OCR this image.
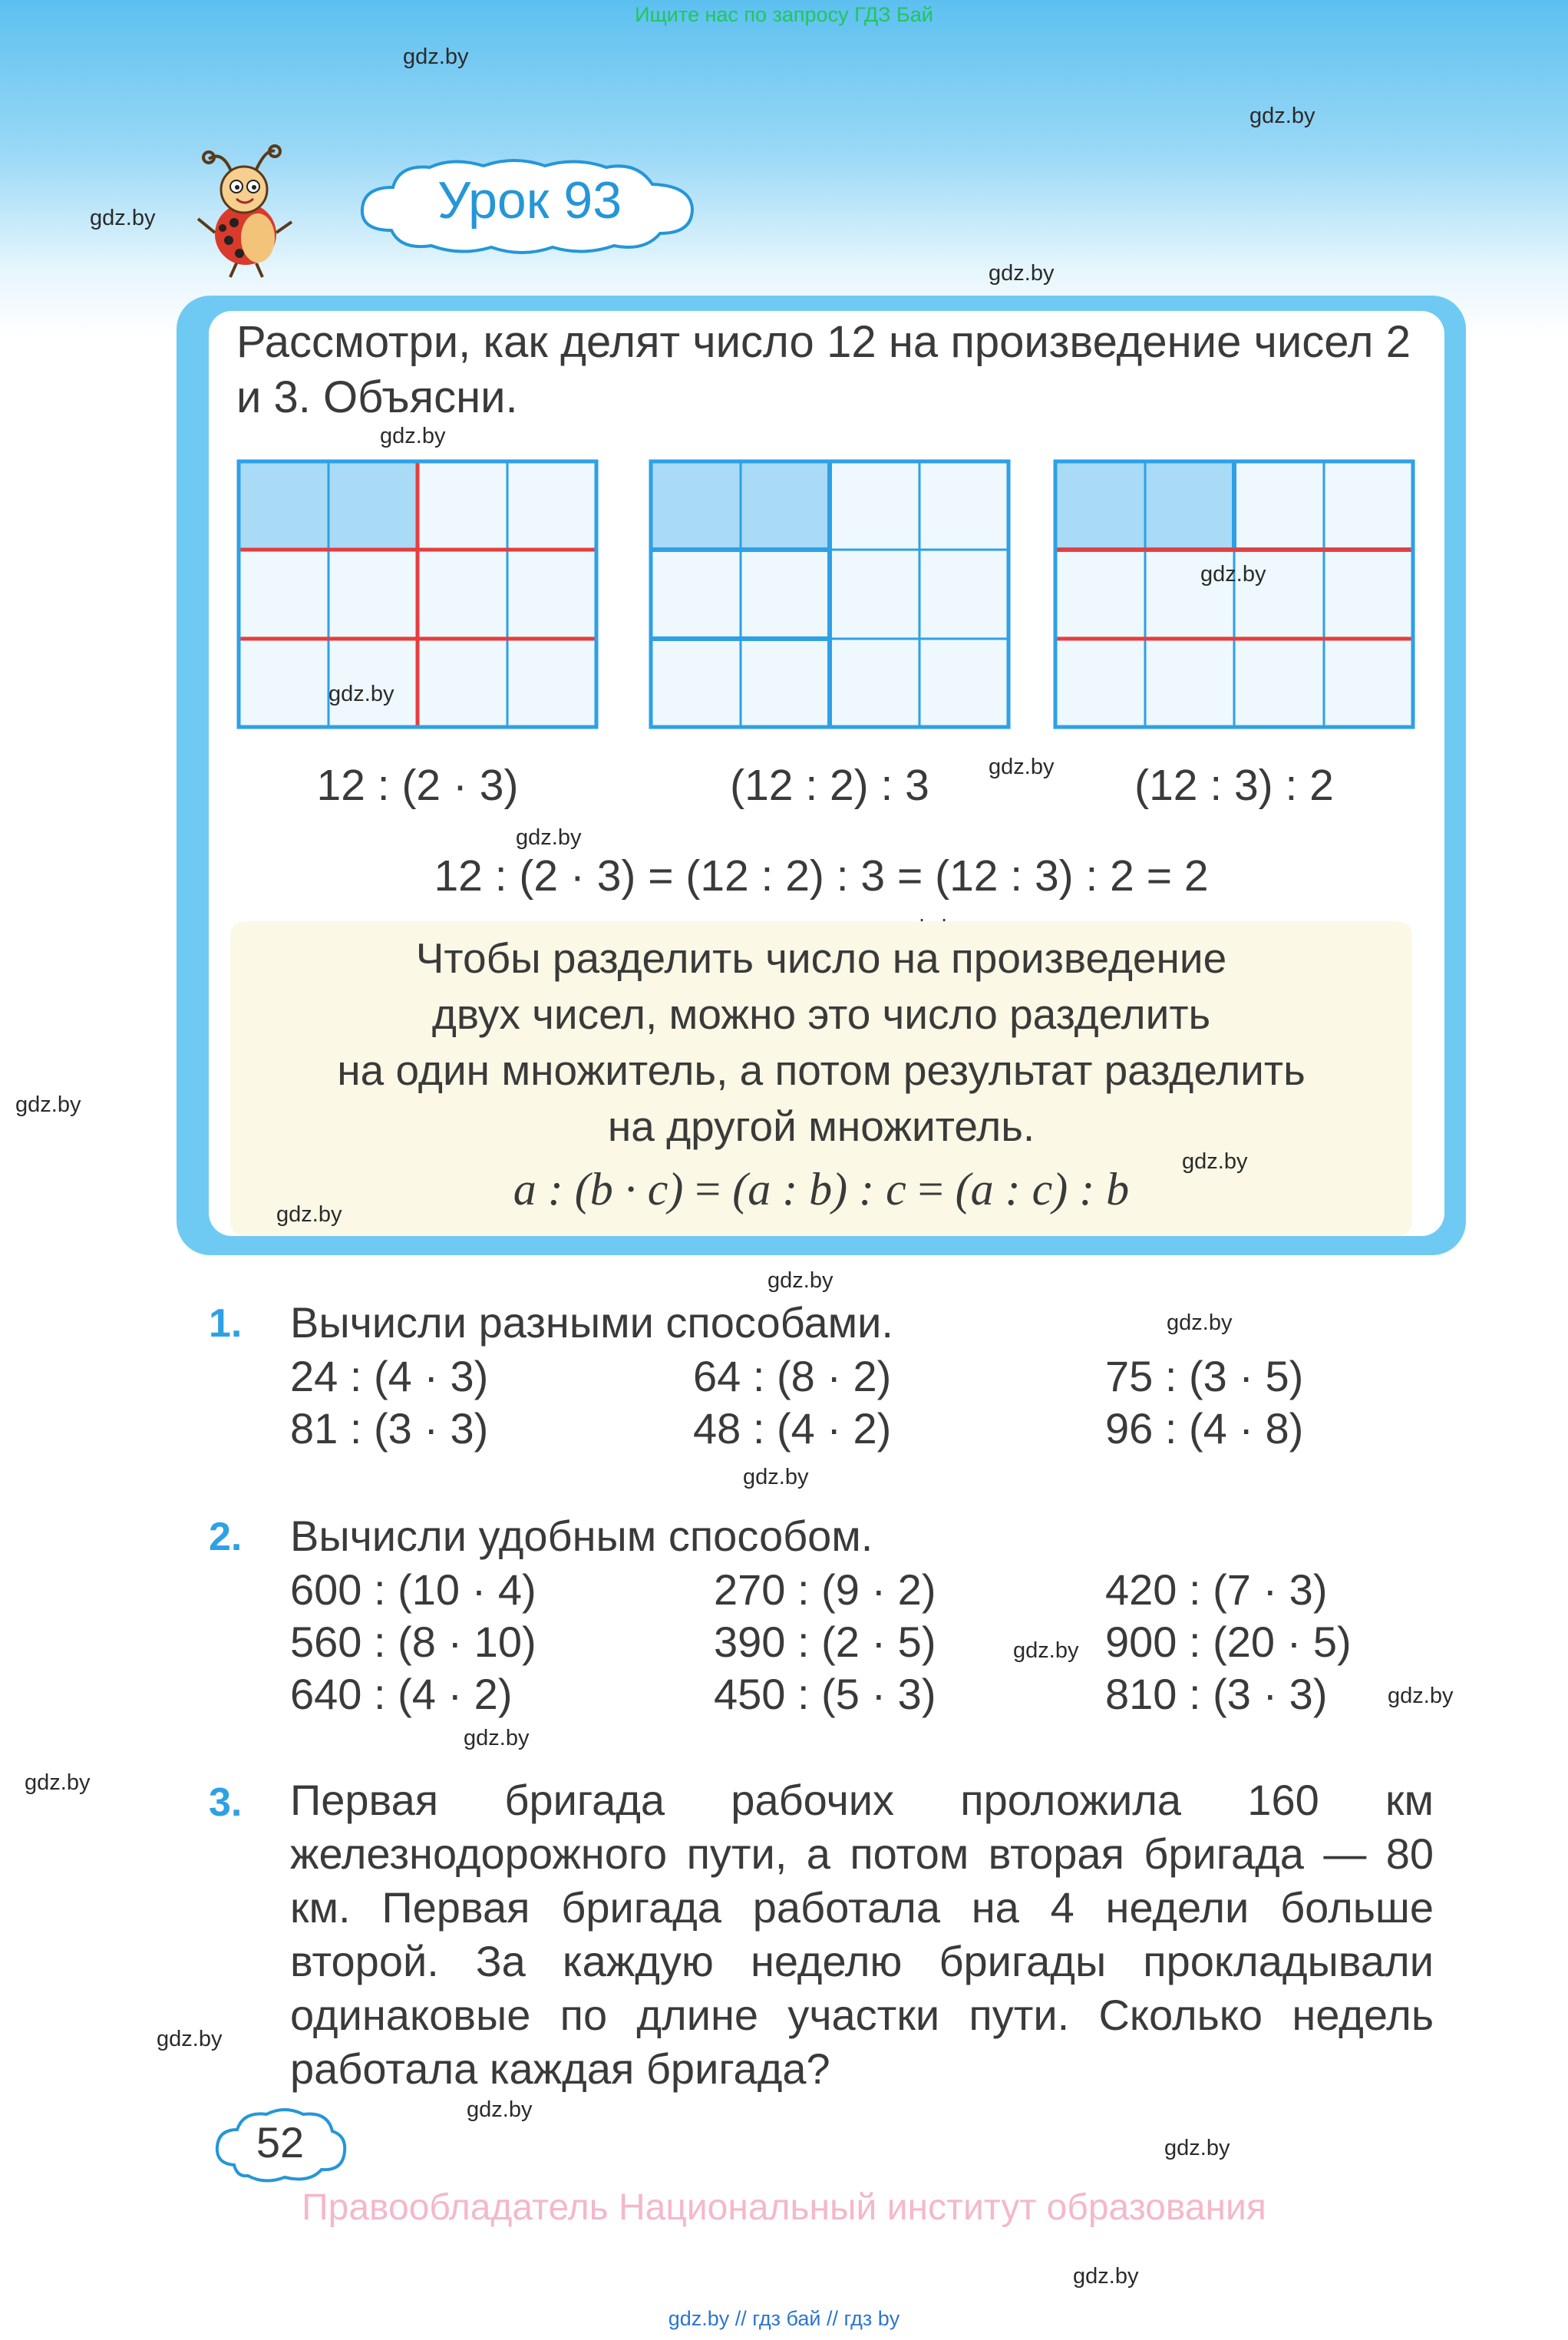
Ищите нас по запросу ГДЗ Бай
gdz.by
gdz.by
gdz.by
gdz.by
gdz.by
gdz.by
gdz.by
gdz.by
gdz.by
Урок 93
Рассмотри, как делят число 12 на произведение чисел 2 и 3. Объясни.
12 : (2 · 3)	(12 : 2) : 3	(12 : 3) : 2
12 : (2 · 3) = (12 : 2) : 3 = (12 : 3) : 2 = 2
gdz.by
gdz.by
gdz.by
gdz.by
gdz.by
Чтобы разделить число на произведение
двух чисел, можно это число разделить
на один множитель, а потом результат разделить
на другой множитель.
a : (b · c) = (a : b) : c = (a : c) : b
gdz.by
gdz.by
gdz.by
1. Вычисли разными способами.	gdz.by
24 : (4 · 3)	64 : (8 · 2)	75 : (3 · 5)
81 : (3 · 3)	48 : (4 · 2)	96 : (4 · 8)
gdz.by
2. Вычисли удобным способом.
600 : (10 · 4)	270 : (9 · 2)	420 : (7 · 3)
560 : (8 · 10)	390 : (2 · 5)	900 : (20 · 5)
640 : (4 · 2)	450 : (5 · 3)	810 : (3 · 3)
gdz.by
gdz.by
gdz.by
3. Первая бригада рабочих проложила 160 км железнодорожного пути, а потом вторая бригада — 80 км. Первая бригада работала на 4 недели больше второй. За каждую неделю бригады прокладывали одинаковые по длине участки пути. Сколько недель работала каждая бригада?
52
gdz.by
Правообладатель Национальный институт образования
gdz.by // гдз бай // гдз by
